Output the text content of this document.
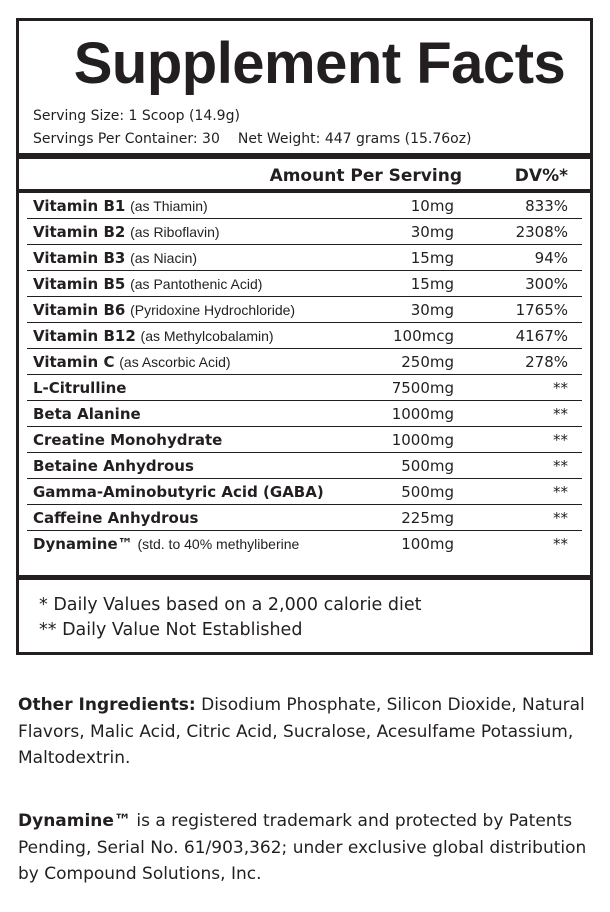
Supplement Facts
Serving Size: 1 Scoop (14.9g)
Servings Per Container: 30 Net Weight: 447 grams (15.76oz)
Amount Per Serving	DV%*
Vitamin B1 (as Thiamin)	10mg	833%
Vitamin B2 (as Riboflavin)	30mg	2308%
Vitamin B3 (as Niacin)	15mg	94%
Vitamin B5 (as Pantothenic Acid)	15mg	300%
Vitamin B6 (Pyridoxine Hydrochloride)	30mg	1765%
Vitamin B12 (as Methylcobalamin)	100mcg	4167%
Vitamin C (as Ascorbic Acid)	250mg	278%
L-Citrulline	7500mg	**
Beta Alanine	1000mg	**
Creatine Monohydrate	1000mg	**
Betaine Anhydrous	500mg	**
Gamma-Aminobutyric Acid (GABA)	500mg	**
Caffeine Anhydrous	225mg	**
Dynamine™ (std. to 40% methyliberine	100mg	**
* Daily Values based on a 2,000 calorie diet
** Daily Value Not Established
Other Ingredients: Disodium Phosphate, Silicon Dioxide, Natural Flavors, Malic Acid, Citric Acid, Sucralose, Acesulfame Potassium, Maltodextrin.
Dynamine™ is a registered trademark and protected by Patents Pending, Serial No. 61/903,362; under exclusive global distribution by Compound Solutions, Inc.
